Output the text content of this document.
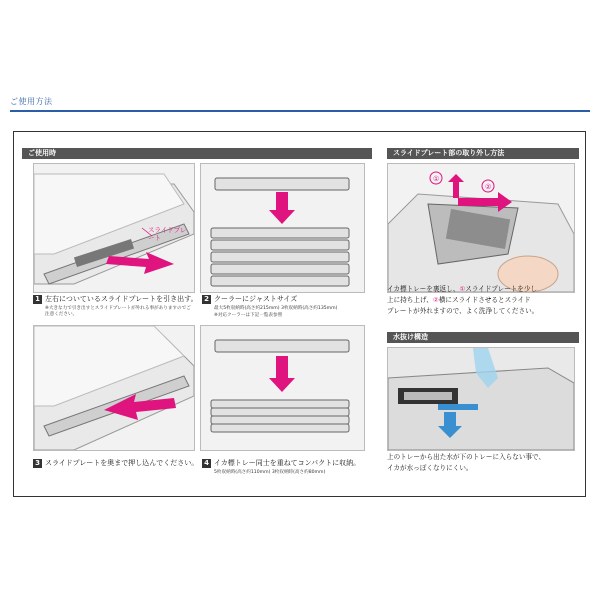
ご使用方法
ご使用時
スライドプレート
1 左右についているスライドプレートを引き出す。
※大きな力で引き出すとスライドプレートが外れる事がありますのでご注意ください。
2 クーラーにジャストサイズ
最大5枚収納時(高さ約215mm) 3枚収納時(高さ約135mm)
※対応クーラーは下記一覧表参照
3 スライドプレートを奥まで押し込んでください。 4 イカ標トレー同士を重ねてコンパクトに収納。
5枚収納時(高さ約110mm) 3枚収納時(高さ約80mm)
スライドプレート部の取り外し方法
①
②
イカ標トレーを裏返し、①スライドプレートを少し
上に持ち上げ、②横にスライドさせるとスライド
プレートが外れますので、よく洗浄してください。
水抜け構造
上のトレーから出た水が下のトレーに入らない事で、
イカが水っぽくなりにくい。
